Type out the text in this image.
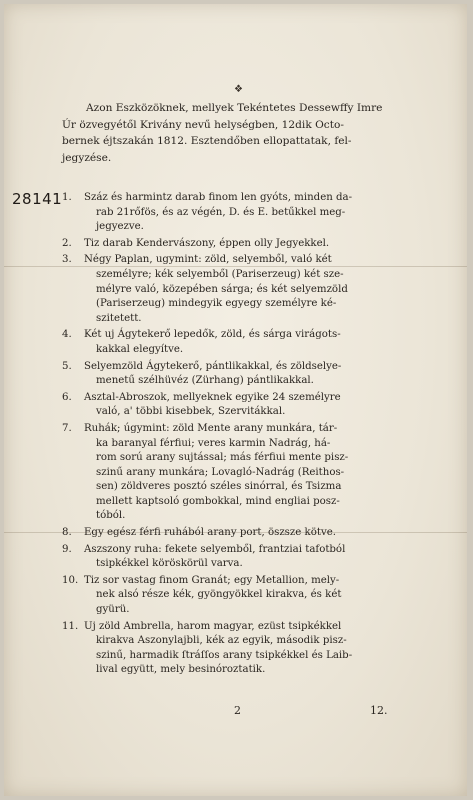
❖
Azon Eszközöknek, mellyek Tekéntetes Dessewffy Imre
Úr özvegyétől Krivány nevű helységben, 12dik Octo-
bernek éjtszakán 1812. Esztendőben ellopattatak, fel-
jegyzése.
28141 1. Száz és harmintz darab finom len gyóts, minden da-
rab 21rőfös, és az végén, D. és E. betűkkel meg-
jegyezve.
2. Tiz darab Kendervászony, éppen olly Jegyekkel.
3. Négy Paplan, ugymint: zöld, selyemből, való két
személyre; kék selyemből (Pariserzeug) két sze-
mélyre való, közepében sárga; és két selyemzöld
(Pariserzeug) mindegyik egyegy személyre ké-
szitetett.
4. Két uj Ágytekerő lepedők, zöld, és sárga virágots-
kakkal elegyítve.
5. Selyemzöld Ágytekerő, pántlikakkal, és zöldselye-
menetű szélhüvéz (Zürhang) pántlikakkal.
6. Asztal-Abroszok, mellyeknek egyike 24 személyre
való, a' többi kisebbek, Szervitákkal.
7. Ruhák; úgymint: zöld Mente arany munkára, tár-
ka baranyal férfiui; veres karmin Nadrág, há-
rom sorú arany sujtással; más férfiui mente pisz-
szinű arany munkára; Lovagló-Nadrág (Reithos-
sen) zöldveres posztó széles sinórral, és Tsizma
mellett kaptsoló gombokkal, mind engliai posz-
tóból.
8. Egy egész férfi ruhából arany port, öszsze kötve.
9. Aszszony ruha: fekete selyemből, frantziai tafotból
tsipkékkel köröskörül varva.
10. Tiz sor vastag finom Granát; egy Metallion, mely-
nek alsó része kék, gyöngyökkel kirakva, és két
gyürü.
11. Uj zöld Ambrella, harom magyar, ezüst tsipkékkel
kirakva Aszonylajbli, kék az egyik, második pisz-
szinű, harmadik ſtráſſos arany tsipkékkel és Laib-
lival együtt, mely besinóroztatik.
2	12.
